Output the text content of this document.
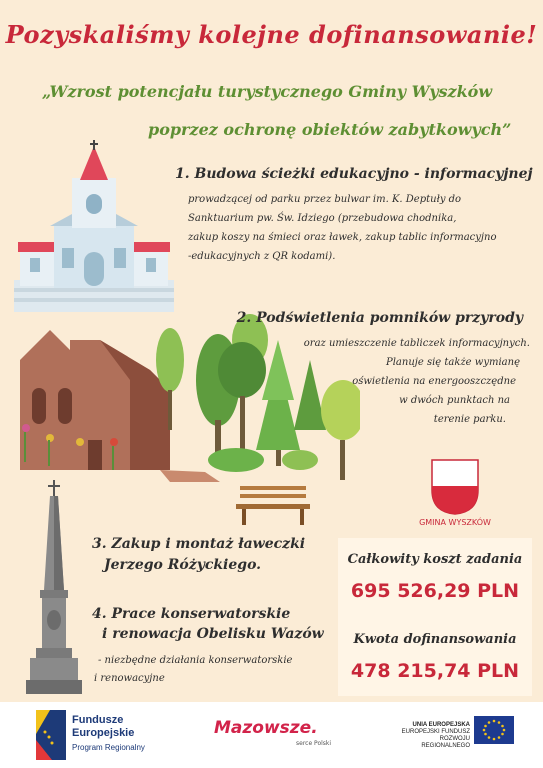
Pozyskaliśmy kolejne dofinansowanie!
„Wzrost potencjału turystycznego Gminy Wyszków
poprzez ochronę obiektów zabytkowych”
1. Budowa ścieżki edukacyjno - informacyjnej
prowadzącej od parku przez bulwar im. K. Deptuły do
Sanktuarium pw. Św. Idziego (przebudowa chodnika,
zakup koszy na śmieci oraz ławek, zakup tablic informacyjno
-edukacyjnych z QR kodami).
2. Podświetlenia pomników przyrody
oraz umieszczenie tabliczek informacyjnych.
Planuje się także wymianę
oświetlenia na energooszczędne
w dwóch punktach na
terenie parku.
GMINA WYSZKÓW
3. Zakup i montaż ławeczki
Jerzego Różyckiego.
4. Prace konserwatorskie
i renowacja Obelisku Wazów
- niezbędne działania konserwatorskie
i renowacyjne
Całkowity koszt zadania
695 526,29 PLN
Kwota dofinansowania
478 215,74 PLN
Fundusze
Europejskie
Program Regionalny
Mazowsze.
serce Polski
UNIA EUROPEJSKA
EUROPEJSKI FUNDUSZ
ROZWOJU REGIONALNEGO
